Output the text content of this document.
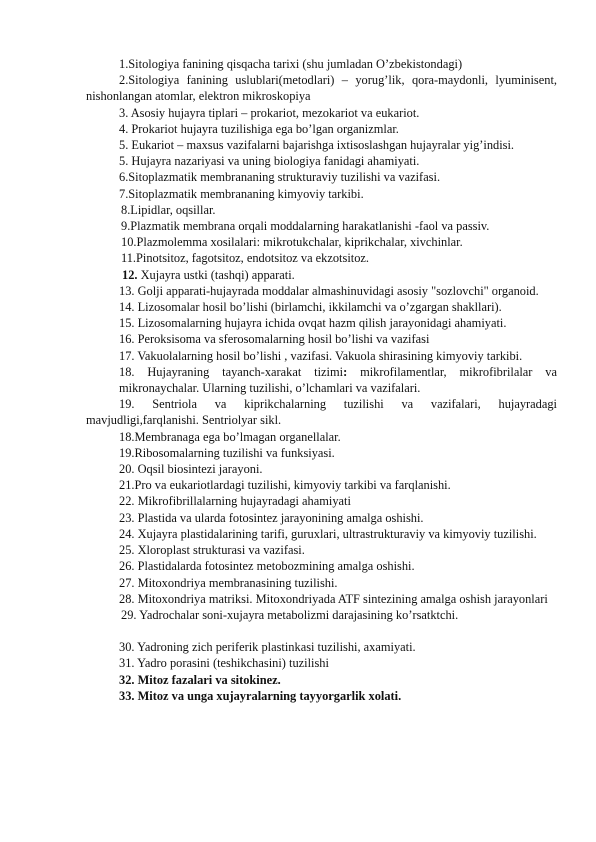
1.Sitologiya fanining qisqacha tarixi (shu jumladan O’zbekistondagi)
2.Sitologiya fanining uslublari(metodlari) – yorug’lik, qora-maydonli, lyuminisent, nishonlangan atomlar, elektron mikroskopiya
3. Asosiy hujayra tiplari – prokariot, mezokariot va eukariot.
4. Prokariot hujayra tuzilishiga ega bo’lgan organizmlar.
5. Eukariot – maxsus vazifalarni bajarishga ixtisoslashgan hujayralar yig’indisi.
5. Hujayra nazariyasi va uning biologiya fanidagi ahamiyati.
6.Sitoplazmatik membrananing strukturaviy tuzilishi va vazifasi.
7.Sitoplazmatik membrananing kimyoviy tarkibi.
8.Lipidlar, oqsillar.
9.Plazmatik membrana orqali moddalarning harakatlanishi -faol va passiv.
10.Plazmolemma xosilalari: mikrotukchalar, kiprikchalar, xivchinlar.
11.Pinotsitoz, fagotsitoz, endotsitoz va ekzotsitoz.
12. Xujayra ustki (tashqi) apparati.
13. Golji apparati-hujayrada moddalar almashinuvidagi asosiy "sozlovchi" organoid.
14. Lizosomalar hosil bo’lishi (birlamchi, ikkilamchi va o’zgargan shakllari).
15. Lizosomalarning hujayra ichida ovqat hazm qilish jarayonidagi ahamiyati.
16. Peroksisoma va sferosomalarning hosil bo’lishi va vazifasi
17. Vakuolalarning hosil bo’lishi , vazifasi. Vakuola shirasining kimyoviy tarkibi.
18. Hujayraning tayanch-xarakat tizimi: mikrofilamentlar, mikrofibrilalar va mikronaychalar. Ularning tuzilishi, o’lchamlari va vazifalari.
19. Sentriola va kiprikchalarning tuzilishi va vazifalari, hujayradagi mavjudligi,farqlanishi. Sentriolyar sikl.
18.Membranaga ega bo’lmagan organellalar.
19.Ribosomalarning tuzilishi va funksiyasi.
20. Oqsil biosintezi jarayoni.
21.Pro va eukariotlardagi tuzilishi, kimyoviy tarkibi va farqlanishi.
22. Mikrofibrillalarning hujayradagi ahamiyati
23. Plastida va ularda fotosintez jarayonining amalga oshishi.
24. Xujayra plastidalarining tarifi, guruxlari, ultrastrukturaviy va kimyoviy tuzilishi.
25. Xloroplast strukturasi va vazifasi.
26. Plastidalarda fotosintez metobozmining amalga oshishi.
27. Mitoxondriya membranasining tuzilishi.
28. Mitoxondriya matriksi. Mitoxondriyada ATF sintezining amalga oshish jarayonlari
29. Yadrochalar soni-xujayra metabolizmi darajasining ko’rsatktchi.
30. Yadroning zich periferik plastinkasi tuzilishi, axamiyati.
31. Yadro porasini (teshikchasini) tuzilishi
32. Mitoz fazalari va sitokinez.
33. Mitoz va unga xujayralarning tayyorgarlik xolati.
